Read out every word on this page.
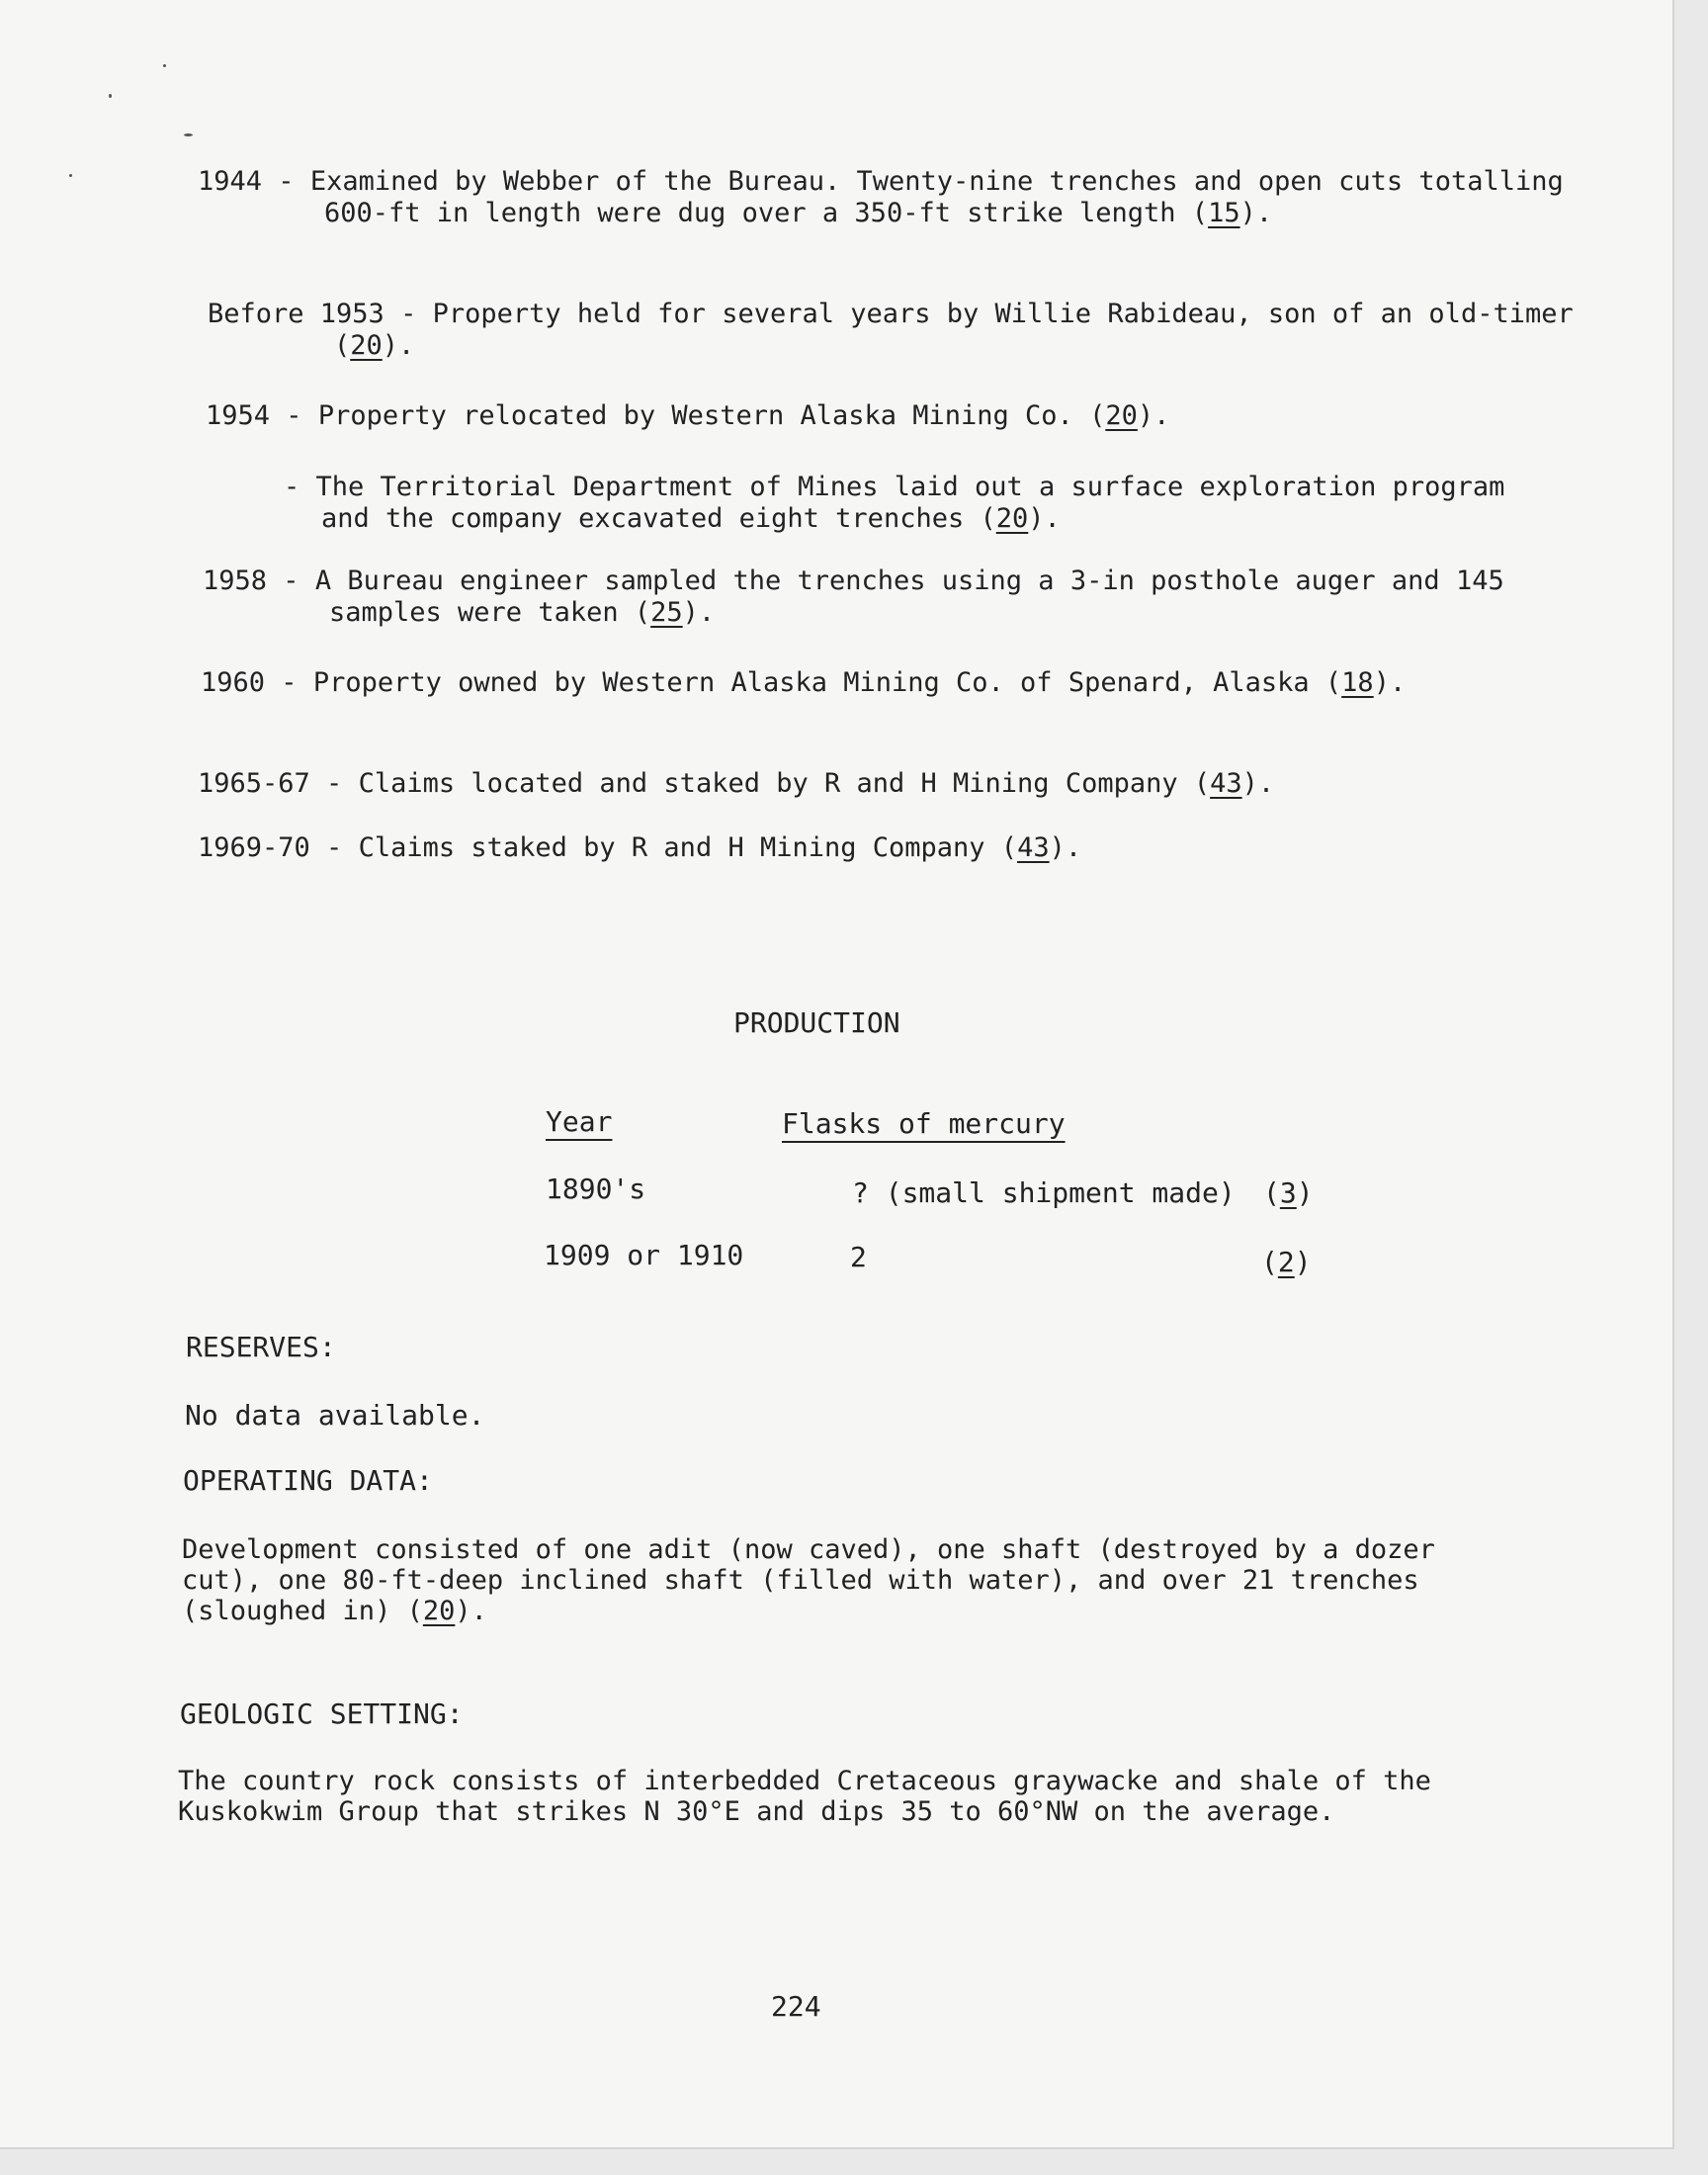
1944 - Examined by Webber of the Bureau. Twenty-nine trenches and open cuts totalling 600-ft in length were dug over a 350-ft strike length (15).
Before 1953 - Property held for several years by Willie Rabideau, son of an old-timer (20).
1954 - Property relocated by Western Alaska Mining Co. (20).
- The Territorial Department of Mines laid out a surface exploration program and the company excavated eight trenches (20).
1958 - A Bureau engineer sampled the trenches using a 3-in posthole auger and 145 samples were taken (25).
1960 - Property owned by Western Alaska Mining Co. of Spenard, Alaska (18).
1965-67 - Claims located and staked by R and H Mining Company (43).
1969-70 - Claims staked by R and H Mining Company (43).
PRODUCTION
Year	Flasks of mercury
1890's	? (small shipment made) (3)
1909 or 1910	2	(2)
RESERVES:
No data available.
OPERATING DATA:
Development consisted of one adit (now caved), one shaft (destroyed by a dozer cut), one 80-ft-deep inclined shaft (filled with water), and over 21 trenches (sloughed in) (20).
GEOLOGIC SETTING:
The country rock consists of interbedded Cretaceous graywacke and shale of the Kuskokwim Group that strikes N 30°E and dips 35 to 60°NW on the average.
224
